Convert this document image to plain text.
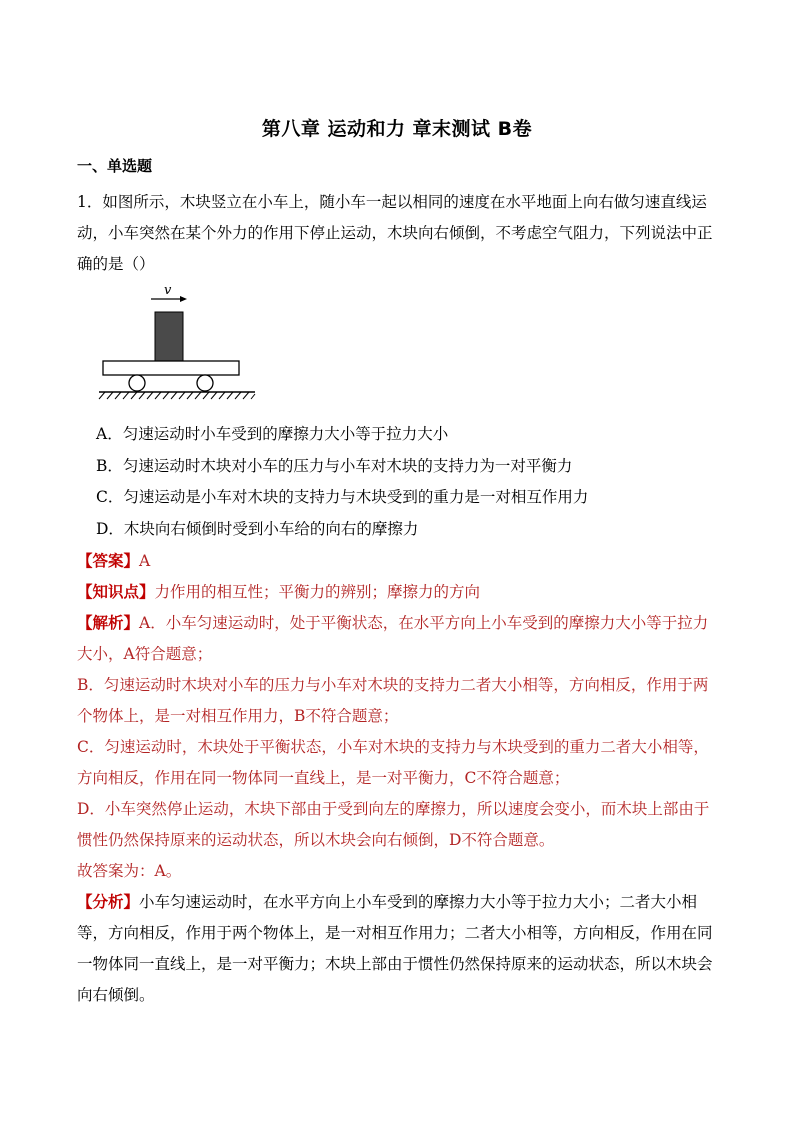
第八章 运动和力 章末测试 B卷
一、单选题

1．如图所示，木块竖立在小车上，随小车一起以相同的速度在水平地面上向右做匀速直线运动，小车突然在某个外力的作用下停止运动，木块向右倾倒，不考虑空气阻力，下列说法中正确的是（）

v
A．匀速运动时小车受到的摩擦力大小等于拉力大小
B．匀速运动时木块对小车的压力与小车对木块的支持力为一对平衡力
C．匀速运动是小车对木块的支持力与木块受到的重力是一对相互作用力
D．木块向右倾倒时受到小车给的向右的摩擦力
【答案】A
【知识点】力作用的相互性；平衡力的辨别；摩擦力的方向

【解析】A．小车匀速运动时，处于平衡状态，在水平方向上小车受到的摩擦力大小等于拉力大小，A符合题意；

B．匀速运动时木块对小车的压力与小车对木块的支持力二者大小相等，方向相反，作用于两个物体上，是一对相互作用力，B不符合题意；

C．匀速运动时，木块处于平衡状态，小车对木块的支持力与木块受到的重力二者大小相等，方向相反，作用在同一物体同一直线上，是一对平衡力，C不符合题意；

D．小车突然停止运动，木块下部由于受到向左的摩擦力，所以速度会变小，而木块上部由于惯性仍然保持原来的运动状态，所以木块会向右倾倒，D不符合题意。

故答案为：A。

【分析】小车匀速运动时，在水平方向上小车受到的摩擦力大小等于拉力大小；二者大小相等，方向相反，作用于两个物体上，是一对相互作用力；二者大小相等，方向相反，作用在同一物体同一直线上，是一对平衡力；木块上部由于惯性仍然保持原来的运动状态，所以木块会向右倾倒。
